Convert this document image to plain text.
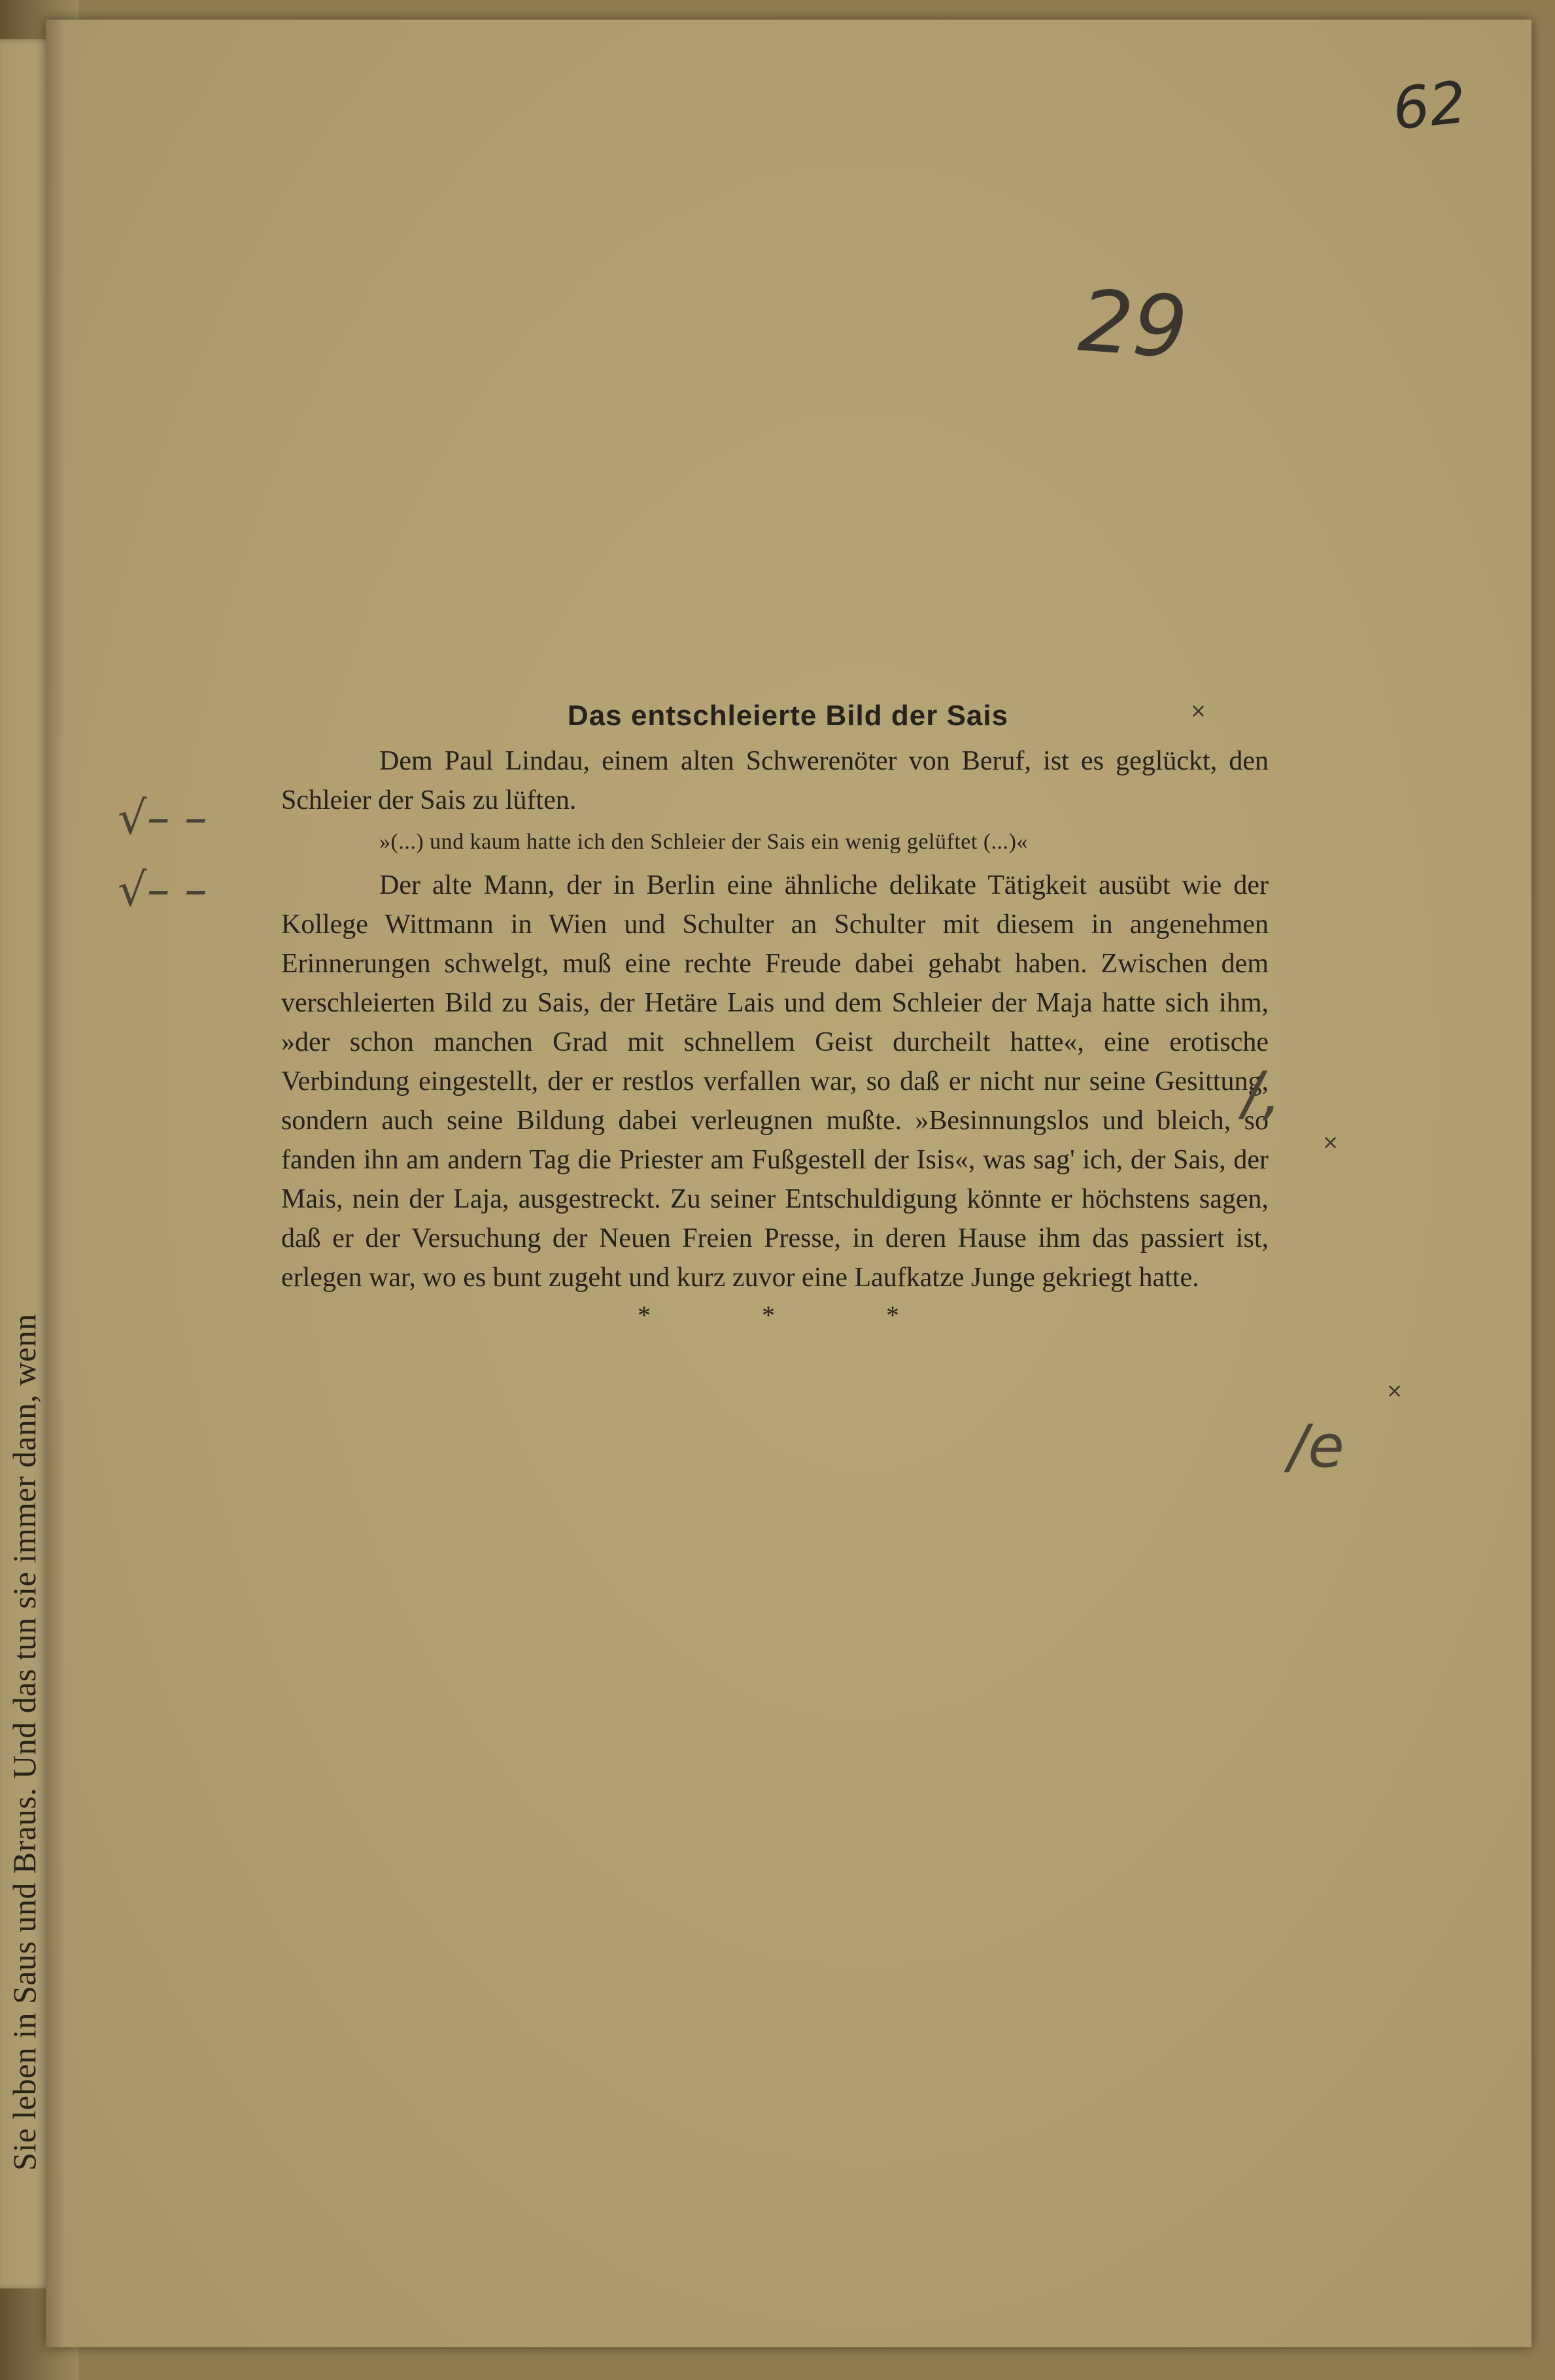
Sie leben in Saus und Braus. Und das tun sie immer dann, wenn
62
29
Das entschleierte Bild der Sais

Dem Paul Lindau, einem alten Schwerenöter von Beruf, ist es geglückt, den Schleier der Sais zu lüften.

»(...) und kaum hatte ich den Schleier der Sais ein wenig gelüftet (...)«

Der alte Mann, der in Berlin eine ähnliche delikate Tätigkeit ausübt wie der Kollege Wittmann in Wien und Schulter an Schulter mit diesem in angenehmen Erinnerungen schwelgt, muß eine rechte Freude dabei gehabt haben. Zwischen dem verschleierten Bild zu Sais, der Hetäre Lais und dem Schleier der Maja hatte sich ihm, »der schon manchen Grad mit schnellem Geist durcheilt hatte«, eine erotische Verbindung eingestellt, der er restlos verfallen war, so daß er nicht nur seine Gesittung, sondern auch seine Bildung dabei verleugnen mußte. »Besinnungslos und bleich, so fanden ihn am andern Tag die Priester am Fußgestell der Isis«, was sag' ich, der Sais, der Mais, nein der Laja, ausgestreckt. Zu seiner Entschuldigung könnte er höchstens sagen, daß er der Versuchung der Neuen Freien Presse, in deren Hause ihm das passiert ist, erlegen war, wo es bunt zugeht und kurz zuvor eine Laufkatze Junge gekriegt hatte.

* * *
√– –
√– –
/,
/e
×
×
×
